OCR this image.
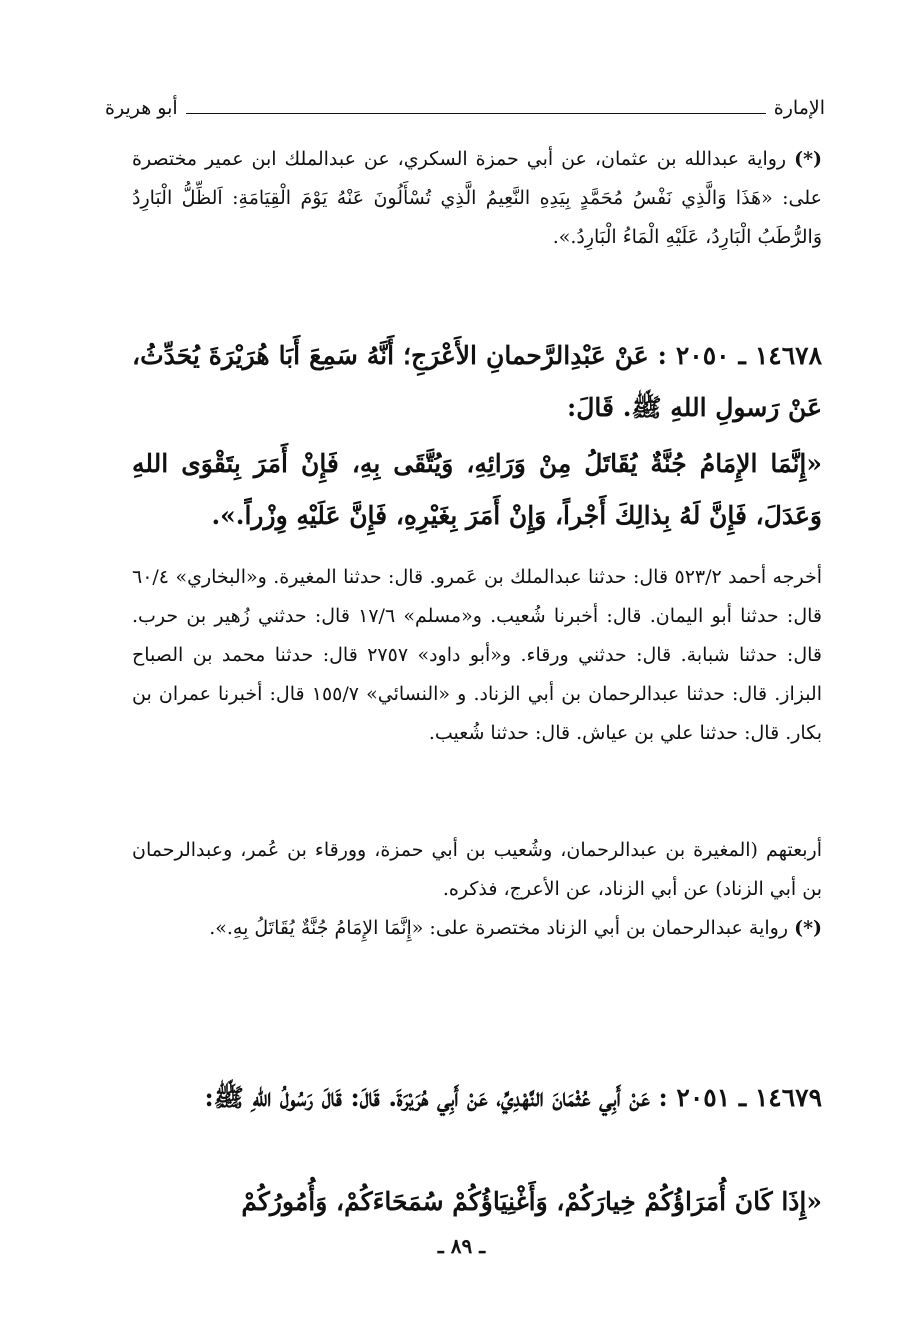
الإمارة
أبو هريرة
(*) رواية عبدالله بن عثمان، عن أبي حمزة السكري، عن عبدالملك ابن عمير مختصرة على: «هَذَا وَالَّذِي نَفْسُ مُحَمَّدٍ بِيَدِهِ النَّعِيمُ الَّذِي تُسْأَلُونَ عَنْهُ يَوْمَ الْقِيَامَةِ: اَلظِّلُّ الْبَارِدُ وَالرُّطَبُ الْبَارِدُ، عَلَيْهِ الْمَاءُ الْبَارِدُ.».
١٤٦٧٨ ـ ٢٠٥٠ : عَنْ عَبْدِالرَّحمانِ الأَعْرَجِ؛ أَنَّهُ سَمِعَ أَبَا هُرَيْرَةَ يُحَدِّثُ، عَنْ رَسولِ اللهِ ﷺ. قَالَ:
«إِنَّمَا الإِمَامُ جُنَّةٌ يُقَاتَلُ مِنْ وَرَائِهِ، وَيُتَّقَى بِهِ، فَإِنْ أَمَرَ بِتَقْوَى اللهِ وَعَدَلَ، فَإِنَّ لَهُ بِذالِكَ أَجْراً، وَإِنْ أَمَرَ بِغَيْرِهِ، فَإِنَّ عَلَيْهِ وِزْراً.».
أخرجه أحمد ٥٢٣/٢ قال: حدثنا عبدالملك بن عَمرو. قال: حدثنا المغيرة. و«البخاري» ٦٠/٤ قال: حدثنا أبو اليمان. قال: أخبرنا شُعيب. و«مسلم» ١٧/٦ قال: حدثني زُهير بن حرب. قال: حدثنا شبابة. قال: حدثني ورقاء. و«أبو داود» ٢٧٥٧ قال: حدثنا محمد بن الصباح البزاز. قال: حدثنا عبدالرحمان بن أبي الزناد. و «النسائي» ١٥٥/٧ قال: أخبرنا عمران بن بكار. قال: حدثنا علي بن عياش. قال: حدثنا شُعيب.
أربعتهم (المغيرة بن عبدالرحمان، وشُعيب بن أبي حمزة، وورقاء بن عُمر، وعبدالرحمان بن أبي الزناد) عن أبي الزناد، عن الأعرج، فذكره.
(*) رواية عبدالرحمان بن أبي الزناد مختصرة على: «إِنَّمَا الإِمَامُ جُنَّةٌ يُقَاتَلُ بِهِ.».
١٤٦٧٩ ـ ٢٠٥١ : عَنْ أَبِي عُثْمَانَ النَّهْدِيِّ، عَنْ أَبِي هُرَيْرَةَ. قَالَ: قَالَ رَسُولُ اللهِ ﷺ:
«إِذَا كَانَ أُمَرَاؤُكُمْ خِيارَكُمْ، وَأَغْنِيَاؤُكُمْ سُمَحَاءَكُمْ، وَأُمُورُكُمْ
ـ ٨٩ ـ
